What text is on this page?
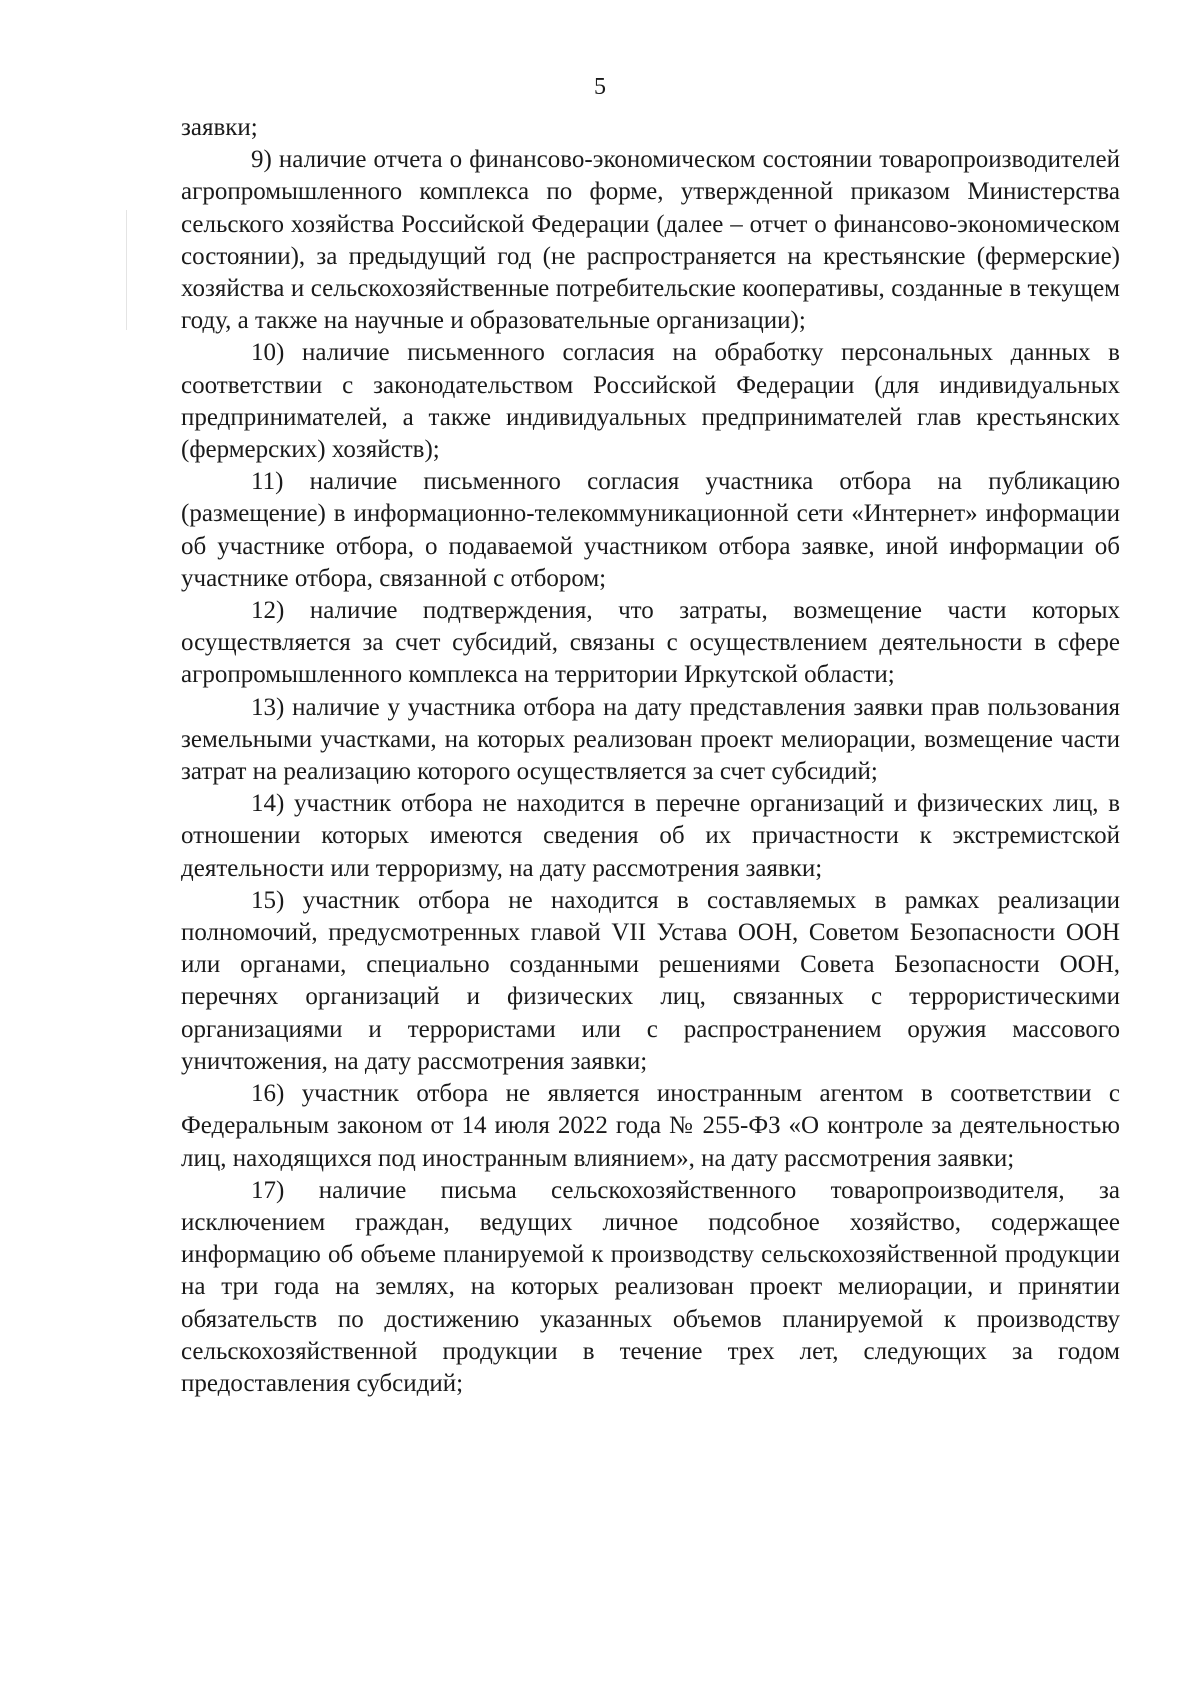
5

заявки;

9) наличие отчета о финансово-экономическом состоянии товаропроизводителей агропромышленного комплекса по форме, утвержденной приказом Министерства сельского хозяйства Российской Федерации (далее – отчет о финансово-экономическом состоянии), за предыдущий год (не распространяется на крестьянские (фермерские) хозяйства и сельскохозяйственные потребительские кооперативы, созданные в текущем году, а также на научные и образовательные организации);

10) наличие письменного согласия на обработку персональных данных в соответствии с законодательством Российской Федерации (для индивидуальных предпринимателей, а также индивидуальных предпринимателей глав крестьянских (фермерских) хозяйств);

11) наличие письменного согласия участника отбора на публикацию (размещение) в информационно-телекоммуникационной сети «Интернет» информации об участнике отбора, о подаваемой участником отбора заявке, иной информации об участнике отбора, связанной с отбором;

12) наличие подтверждения, что затраты, возмещение части которых осуществляется за счет субсидий, связаны с осуществлением деятельности в сфере агропромышленного комплекса на территории Иркутской области;

13) наличие у участника отбора на дату представления заявки прав пользования земельными участками, на которых реализован проект мелиорации, возмещение части затрат на реализацию которого осуществляется за счет субсидий;

14) участник отбора не находится в перечне организаций и физических лиц, в отношении которых имеются сведения об их причастности к экстремистской деятельности или терроризму, на дату рассмотрения заявки;

15) участник отбора не находится в составляемых в рамках реализации полномочий, предусмотренных главой VII Устава ООН, Советом Безопасности ООН или органами, специально созданными решениями Совета Безопасности ООН, перечнях организаций и физических лиц, связанных с террористическими организациями и террористами или с распространением оружия массового уничтожения, на дату рассмотрения заявки;

16) участник отбора не является иностранным агентом в соответствии с Федеральным законом от 14 июля 2022 года № 255-ФЗ «О контроле за деятельностью лиц, находящихся под иностранным влиянием», на дату рассмотрения заявки;

17) наличие письма сельскохозяйственного товаропроизводителя, за исключением граждан, ведущих личное подсобное хозяйство, содержащее информацию об объеме планируемой к производству сельскохозяйственной продукции на три года на землях, на которых реализован проект мелиорации, и принятии обязательств по достижению указанных объемов планируемой к производству сельскохозяйственной продукции в течение трех лет, следующих за годом предоставления субсидий;
